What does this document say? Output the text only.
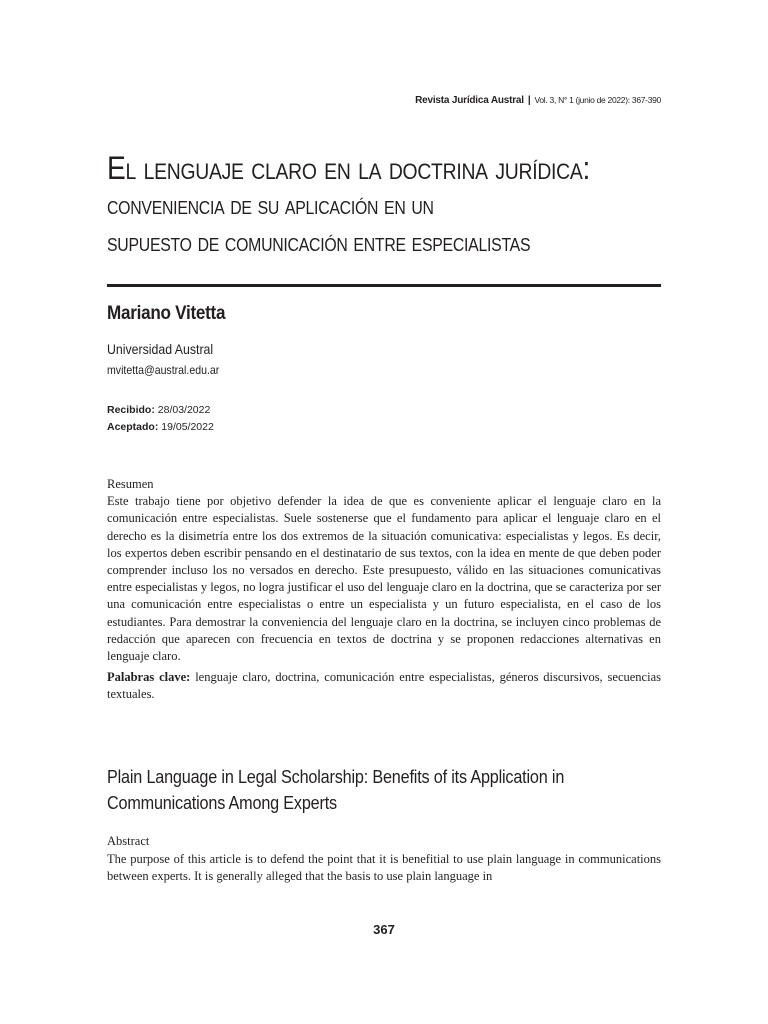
Revista Jurídica Austral | Vol. 3, N° 1 (junio de 2022): 367-390
El lenguaje claro en la doctrina jurídica:
conveniencia de su aplicación en un
supuesto de comunicación entre especialistas
Mariano Vitetta
Universidad Austral
mvitetta@austral.edu.ar
Recibido: 28/03/2022
Aceptado: 19/05/2022
Resumen

Este trabajo tiene por objetivo defender la idea de que es conveniente aplicar el lenguaje claro en la comunicación entre especialistas. Suele sostenerse que el fundamento para aplicar el lenguaje claro en el derecho es la disimetría entre los dos extremos de la situación comunicativa: especialistas y legos. Es decir, los expertos deben escribir pensando en el destinatario de sus textos, con la idea en mente de que deben poder comprender incluso los no versados en derecho. Este presupuesto, válido en las situaciones comunicativas entre especialistas y legos, no logra justificar el uso del lenguaje claro en la doctrina, que se caracteriza por ser una comunicación entre especialistas o entre un especialista y un futuro especialista, en el caso de los estudiantes. Para demostrar la conveniencia del lenguaje claro en la doctrina, se incluyen cinco problemas de redacción que aparecen con frecuencia en textos de doctrina y se proponen redacciones alternativas en lenguaje claro.

Palabras clave: lenguaje claro, doctrina, comunicación entre especialistas, géneros discursivos, secuencias textuales.

Plain Language in Legal Scholarship: Benefits of its Application in Communications Among Experts
Abstract

The purpose of this article is to defend the point that it is benefitial to use plain language in communications between experts. It is generally alleged that the basis to use plain language in

367
